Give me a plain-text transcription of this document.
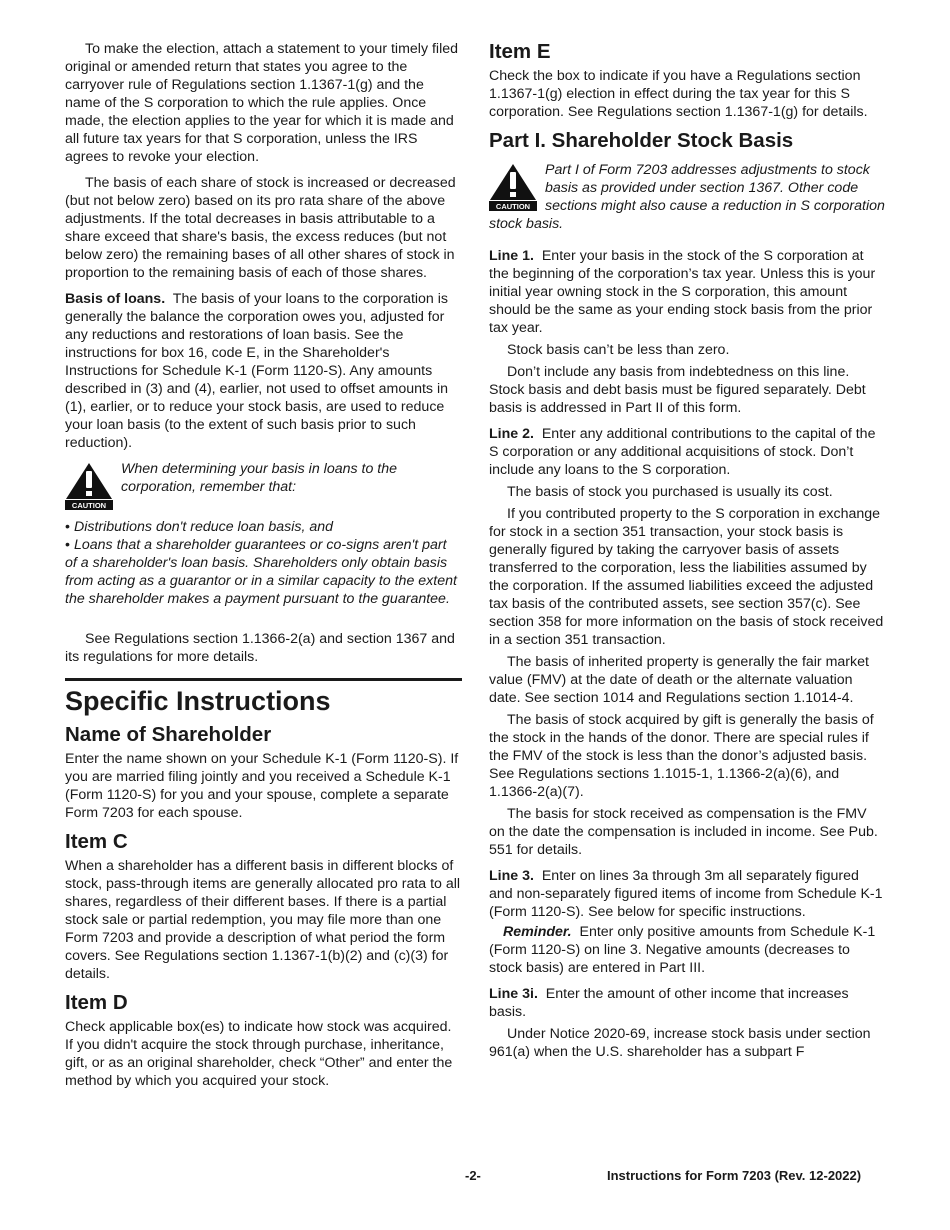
To make the election, attach a statement to your timely filed original or amended return that states you agree to the carryover rule of Regulations section 1.1367-1(g) and the name of the S corporation to which the rule applies. Once made, the election applies to the year for which it is made and all future tax years for that S corporation, unless the IRS agrees to revoke your election.

The basis of each share of stock is increased or decreased (but not below zero) based on its pro rata share of the above adjustments. If the total decreases in basis attributable to a share exceed that share's basis, the excess reduces (but not below zero) the remaining bases of all other shares of stock in proportion to the remaining basis of each of those shares.

Basis of loans. The basis of your loans to the corporation is generally the balance the corporation owes you, adjusted for any reductions and restorations of loan basis. See the instructions for box 16, code E, in the Shareholder's Instructions for Schedule K-1 (Form 1120-S). Any amounts described in (3) and (4), earlier, not used to offset amounts in (1), earlier, or to reduce your stock basis, are used to reduce your loan basis (to the extent of such basis prior to such reduction).

CAUTION
When determining your basis in loans to the corporation, remember that:
• Distributions don't reduce loan basis, and
• Loans that a shareholder guarantees or co-signs aren't part of a shareholder's loan basis. Shareholders only obtain basis from acting as a guarantor or in a similar capacity to the extent the shareholder makes a payment pursuant to the guarantee.

See Regulations section 1.1366-2(a) and section 1367 and its regulations for more details.

Specific Instructions
Name of Shareholder

Enter the name shown on your Schedule K-1 (Form 1120-S). If you are married filing jointly and you received a Schedule K-1 (Form 1120-S) for you and your spouse, complete a separate Form 7203 for each spouse.

Item C

When a shareholder has a different basis in different blocks of stock, pass-through items are generally allocated pro rata to all shares, regardless of their different bases. If there is a partial stock sale or partial redemption, you may file more than one Form 7203 and provide a description of what period the form covers. See Regulations section 1.1367-1(b)(2) and (c)(3) for details.

Item D

Check applicable box(es) to indicate how stock was acquired. If you didn't acquire the stock through purchase, inheritance, gift, or as an original shareholder, check “Other” and enter the method by which you acquired your stock.

Item E

Check the box to indicate if you have a Regulations section 1.1367-1(g) election in effect during the tax year for this S corporation. See Regulations section 1.1367-1(g) for details.

Part I. Shareholder Stock Basis
CAUTION
Part I of Form 7203 addresses adjustments to stock basis as provided under section 1367. Other code sections might also cause a reduction in S corporation stock basis.

Line 1. Enter your basis in the stock of the S corporation at the beginning of the corporation’s tax year. Unless this is your initial year owning stock in the S corporation, this amount should be the same as your ending stock basis from the prior tax year.

Stock basis can’t be less than zero.

Don’t include any basis from indebtedness on this line. Stock basis and debt basis must be figured separately. Debt basis is addressed in Part II of this form.

Line 2. Enter any additional contributions to the capital of the S corporation or any additional acquisitions of stock. Don’t include any loans to the S corporation.

The basis of stock you purchased is usually its cost.

If you contributed property to the S corporation in exchange for stock in a section 351 transaction, your stock basis is generally figured by taking the carryover basis of assets transferred to the corporation, less the liabilities assumed by the corporation. If the assumed liabilities exceed the adjusted tax basis of the contributed assets, see section 357(c). See section 358 for more information on the basis of stock received in a section 351 transaction.

The basis of inherited property is generally the fair market value (FMV) at the date of death or the alternate valuation date. See section 1014 and Regulations section 1.1014-4.

The basis of stock acquired by gift is generally the basis of the stock in the hands of the donor. There are special rules if the FMV of the stock is less than the donor’s adjusted basis. See Regulations sections 1.1015-1, 1.1366-2(a)(6), and 1.1366-2(a)(7).

The basis for stock received as compensation is the FMV on the date the compensation is included in income. See Pub. 551 for details.

Line 3. Enter on lines 3a through 3m all separately figured and non-separately figured items of income from Schedule K-1 (Form 1120-S). See below for specific instructions.

Reminder. Enter only positive amounts from Schedule K-1 (Form 1120-S) on line 3. Negative amounts (decreases to stock basis) are entered in Part III.

Line 3i. Enter the amount of other income that increases basis.

Under Notice 2020-69, increase stock basis under section 961(a) when the U.S. shareholder has a subpart F

-2-	Instructions for Form 7203 (Rev. 12-2022)
